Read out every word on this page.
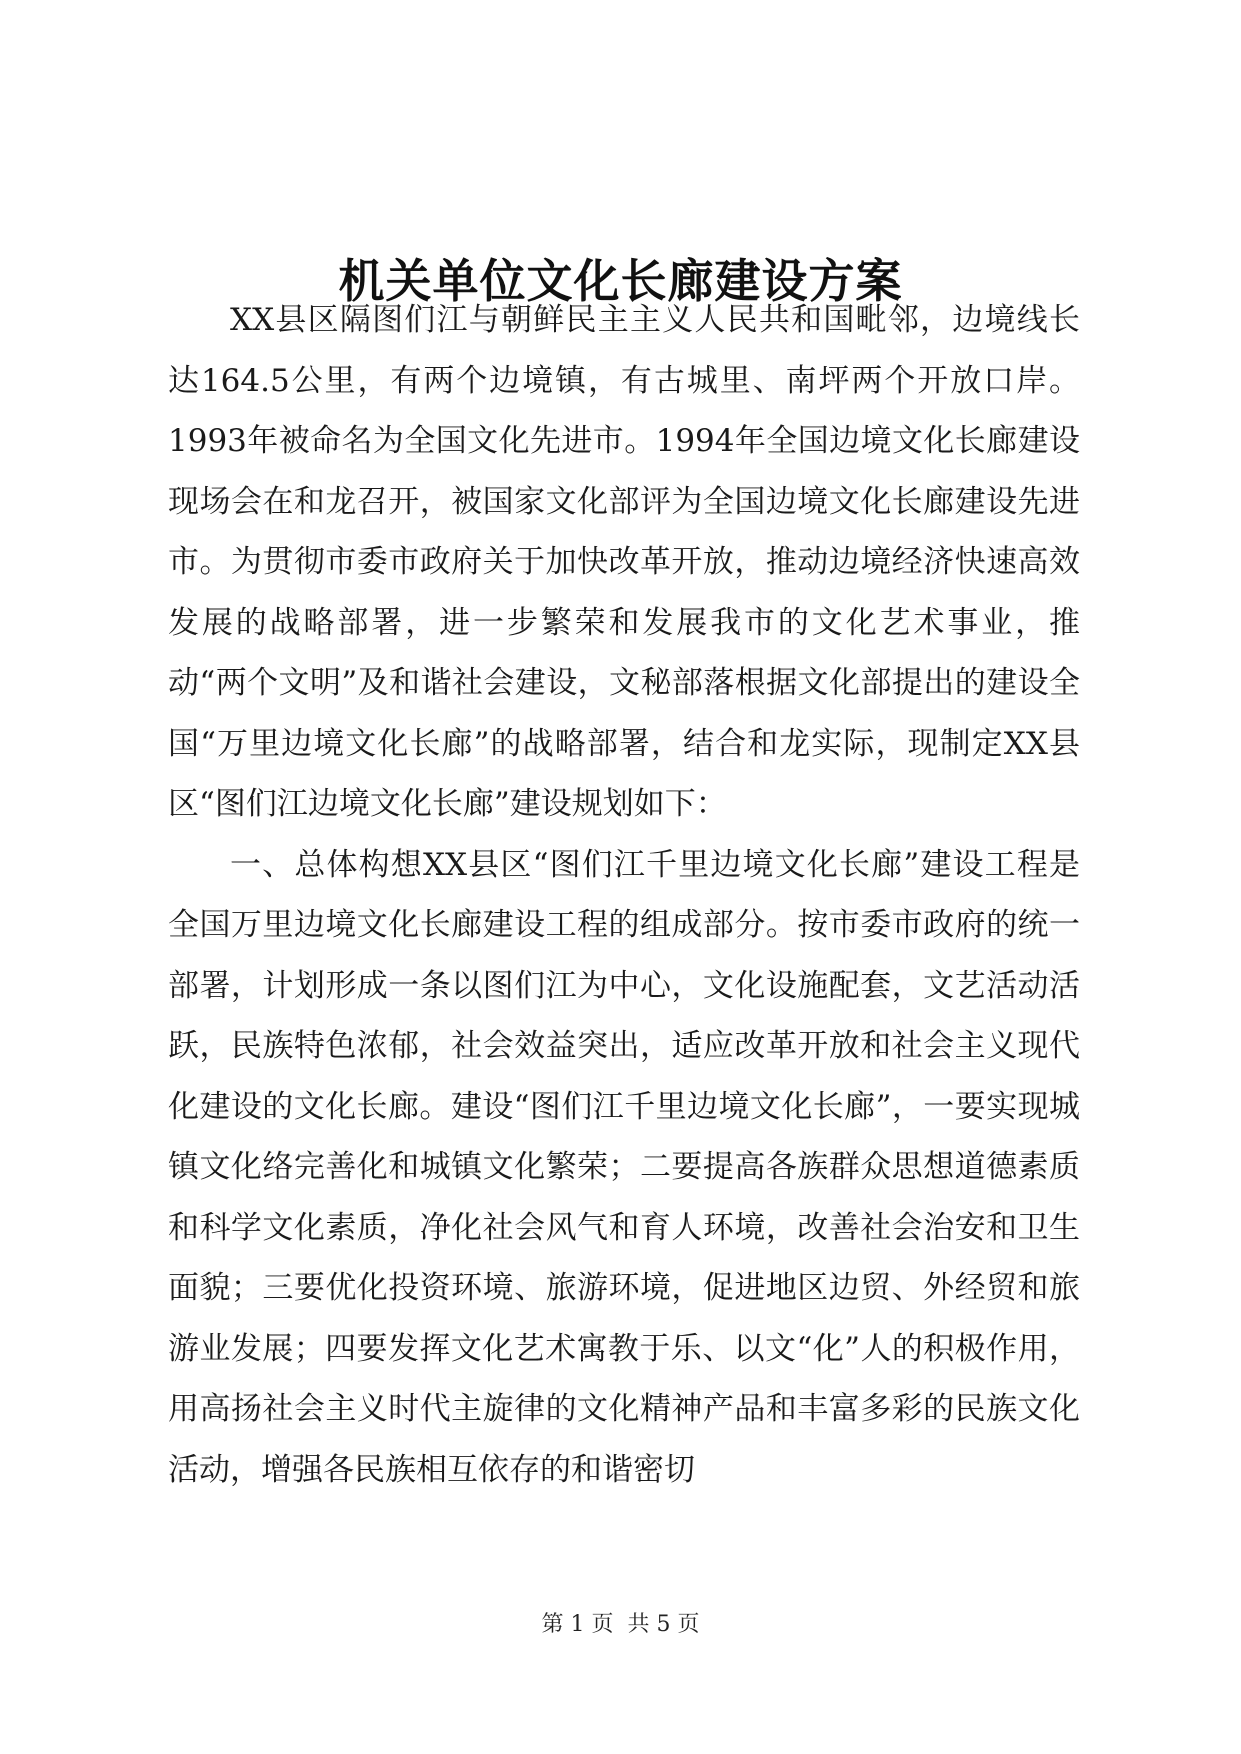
机关单位文化长廊建设方案

XX县区隔图们江与朝鲜民主主义人民共和国毗邻，边境线长达164.5公里，有两个边境镇，有古城里、南坪两个开放口岸。1993年被命名为全国文化先进市。1994年全国边境文化长廊建设现场会在和龙召开，被国家文化部评为全国边境文化长廊建设先进市。为贯彻市委市政府关于加快改革开放，推动边境经济快速高效发展的战略部署，进一步繁荣和发展我市的文化艺术事业，推动“两个文明”及和谐社会建设，文秘部落根据文化部提出的建设全国“万里边境文化长廊”的战略部署，结合和龙实际，现制定XX县区“图们江边境文化长廊”建设规划如下：

一、总体构想XX县区“图们江千里边境文化长廊”建设工程是全国万里边境文化长廊建设工程的组成部分。按市委市政府的统一部署，计划形成一条以图们江为中心，文化设施配套，文艺活动活跃，民族特色浓郁，社会效益突出，适应改革开放和社会主义现代化建设的文化长廊。建设“图们江千里边境文化长廊”，一要实现城镇文化络完善化和城镇文化繁荣；二要提高各族群众思想道德素质和科学文化素质，净化社会风气和育人环境，改善社会治安和卫生面貌；三要优化投资环境、旅游环境，促进地区边贸、外经贸和旅游业发展；四要发挥文化艺术寓教于乐、以文“化”人的积极作用，用高扬社会主义时代主旋律的文化精神产品和丰富多彩的民族文化活动，增强各民族相互依存的和谐密切

第 1 页  共 5 页
